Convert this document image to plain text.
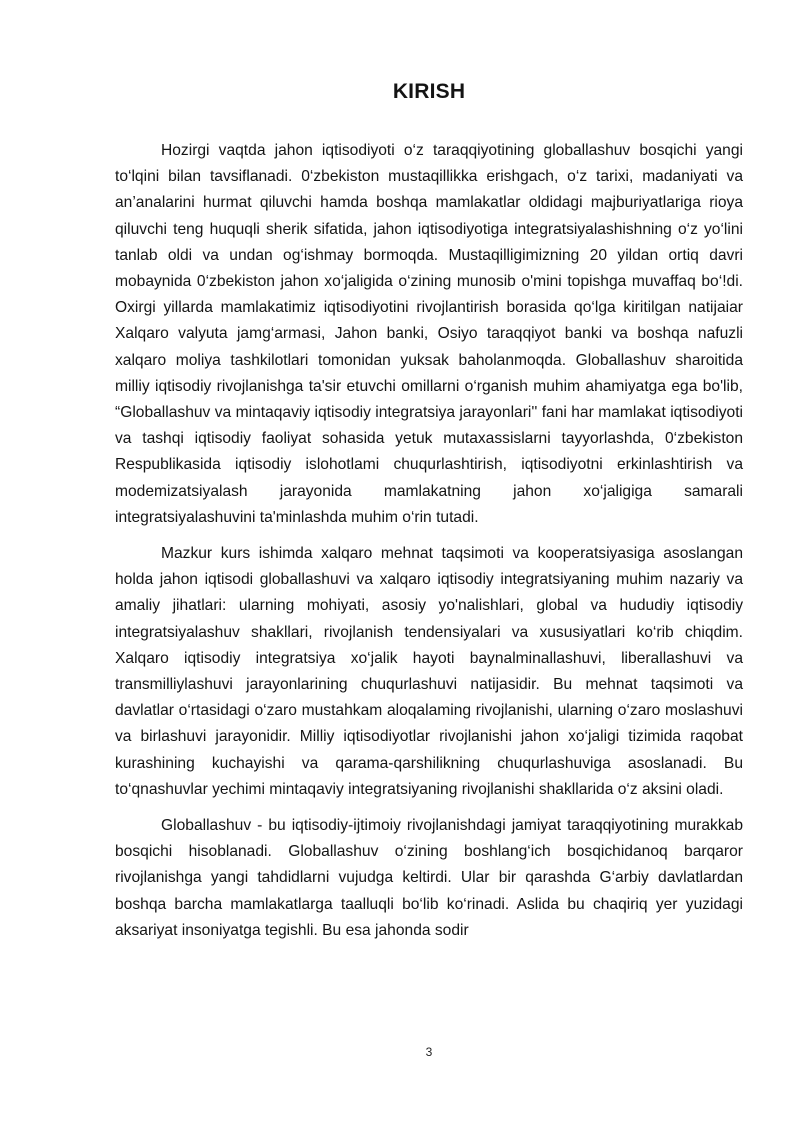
KIRISH

Hozirgi vaqtda jahon iqtisodiyoti o‘z taraqqiyotining globallashuv bosqichi yangi to‘lqini bilan tavsiflanadi. 0‘zbekiston mustaqillikka erishgach, o‘z tarixi, madaniyati va an’analarini hurmat qiluvchi hamda boshqa mamlakatlar oldidagi majburiyatlariga rioya qiluvchi teng huquqli sherik sifatida, jahon iqtisodiyotiga integratsiyalashishning o‘z yo‘lini tanlab oldi va undan og‘ishmay bormoqda. Mustaqilligimizning 20 yildan ortiq davri mobaynida 0‘zbekiston jahon xo‘jaligida o‘zining munosib o'mini topishga muvaffaq bo‘!di. Oxirgi yillarda mamlakatimiz iqtisodiyotini rivojlantirish borasida qo‘lga kiritilgan natijaiar Xalqaro valyuta jamg‘armasi, Jahon banki, Osiyo taraqqiyot banki va boshqa nafuzli xalqaro moliya tashkilotlari tomonidan yuksak baholanmoqda. Globallashuv sharoitida milliy iqtisodiy rivojlanishga ta'sir etuvchi omillarni o‘rganish muhim ahamiyatga ega bo'lib, “Globallashuv va mintaqaviy iqtisodiy integratsiya jarayonlari'' fani har mamlakat iqtisodiyoti va tashqi iqtisodiy faoliyat sohasida yetuk mutaxassislarni tayyorlashda, 0‘zbekiston Respublikasida iqtisodiy islohotlami chuqurlashtirish, iqtisodiyotni erkinlashtirish va modemizatsiyalash jarayonida mamlakatning jahon xo‘jaligiga samarali integratsiyalashuvini ta'minlashda muhim o‘rin tutadi.

Mazkur kurs ishimda xalqaro mehnat taqsimoti va kooperatsiyasiga asoslangan holda jahon iqtisodi globallashuvi va xalqaro iqtisodiy integratsiyaning muhim nazariy va amaliy jihatlari: ularning mohiyati, asosiy yo'nalishlari, global va hududiy iqtisodiy integratsiyalashuv shakllari, rivojlanish tendensiyalari va xususiyatlari ko‘rib chiqdim. Xalqaro iqtisodiy integratsiya xo‘jalik hayoti baynalminallashuvi, liberallashuvi va transmilliylashuvi jarayonlarining chuqurlashuvi natijasidir. Bu mehnat taqsimoti va davlatlar o‘rtasidagi o‘zaro mustahkam aloqalaming rivojlanishi, ularning o‘zaro moslashuvi va birlashuvi jarayonidir. Milliy iqtisodiyotlar rivojlanishi jahon xo‘jaligi tizimida raqobat kurashining kuchayishi va qarama-qarshilikning chuqurlashuviga asoslanadi. Bu to‘qnashuvlar yechimi mintaqaviy integratsiyaning rivojlanishi shakllarida o‘z aksini oladi.

Globallashuv - bu iqtisodiy-ijtimoiy rivojlanishdagi jamiyat taraqqiyotining murakkab bosqichi hisoblanadi. Globallashuv o‘zining boshlang‘ich bosqichidanoq barqaror rivojlanishga yangi tahdidlarni vujudga keltirdi. Ular bir qarashda G‘arbiy davlatlardan boshqa barcha mamlakatlarga taalluqli bo‘lib ko‘rinadi. Aslida bu chaqiriq yer yuzidagi aksariyat insoniyatga tegishli. Bu esa jahonda sodir

3
